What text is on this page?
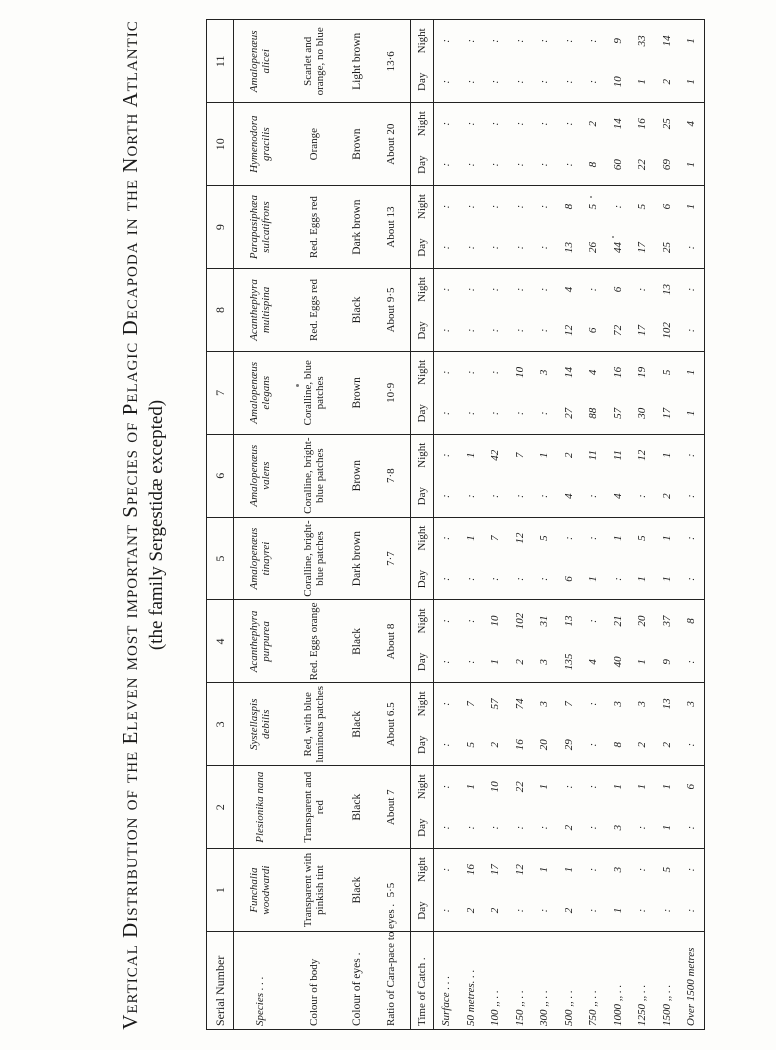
Vertical Distribution of the Eleven most important Species of Pelagic Decapoda in the North Atlantic (the family Sergestidæ excepted)
Serial Number	1		2		3		4		5		6		7		8		9		10		11	
Species . . .	Funchalia woodwardi		Plesionika nana		Systellaspis debilis		Acanthephyra purpurea		Amalopenæus tinayrei		Amalopenæus valens		Amalopenæus elegans		Acanthephyra multispina		Parapasiphæa sulcatifrons		Hymenodora gracilis		Amalopenæus alicei	
Colour of body	Transparent with pinkish tint		Transparent and red		Red, with blue luminous patches		Red. Eggs orange		Coralline, bright-blue patches		Coralline, bright-blue patches		Coralline, blue patches		Red. Eggs red		Red. Eggs red		Orange		Scarlet and orange, no blue	
Colour of eyes .	Black		Black		Black		Black		Dark brown		Brown		Brown		Black		Dark brown		Brown		Light brown	
Ratio of Cara-pace to eyes .	5·5		About 7		About 6.5		About 8		7·7		7·8		10·9		About 9·5		About 13		About 20		13·6	
Time of Catch .	Day	Night	Day	Night	Day	Night	Day	Night	Day	Night	Day	Night	Day	Night	Day	Night	Day	Night	Day	Night	Day	Night
Surface . . .	:	:	:	:	:	:	:	:	:	:	:	:	:	:	:	:	:	:	:	:	:	:
50 metres. . .	2	16	:	1	5	7	:	:	:	1	:	1	:	:	:	:	:	:	:	:	:	:
100 ,, . .	2	17	:	10	2	57	1	10	:	7	:	42	:	:	:	:	:	:	:	:	:	:
150 ,, . .	:	12	:	22	16	74	2	102	:	12	:	7	:	10	:	:	:	:	:	:	:	:
300 ,, . .	:	1	:	1	20	3	3	31	:	5	:	1	:	3	:	:	:	:	:	:	:	:
500 ,, . .	2	1	2	:	29	7	135	13	6	:	4	2	27	14	12	4	13	8	:	:	:	:
750 ,, . .	:	:	:	:	:	:	4	:	1	:	:	11	88	4	6	:	26	5	8	2	:	:
1000 ,, . .	1	3	3	1	8	3	40	21	:	1	4	11	57	16	72	6	44	:	60	14	10	9
1250 ,, . .	:	:	:	1	2	3	1	20	1	5	:	12	30	19	17	:	17	5	22	16	1	33
1500 ,, . .	:	5	1	1	2	13	9	37	1	1	2	1	17	5	102	13	25	6	69	25	2	14
Over 1500 metres	:	:	:	6	:	3	:	8	:	:	:	:	1	1	:	:	:	1	1	4	1	1
